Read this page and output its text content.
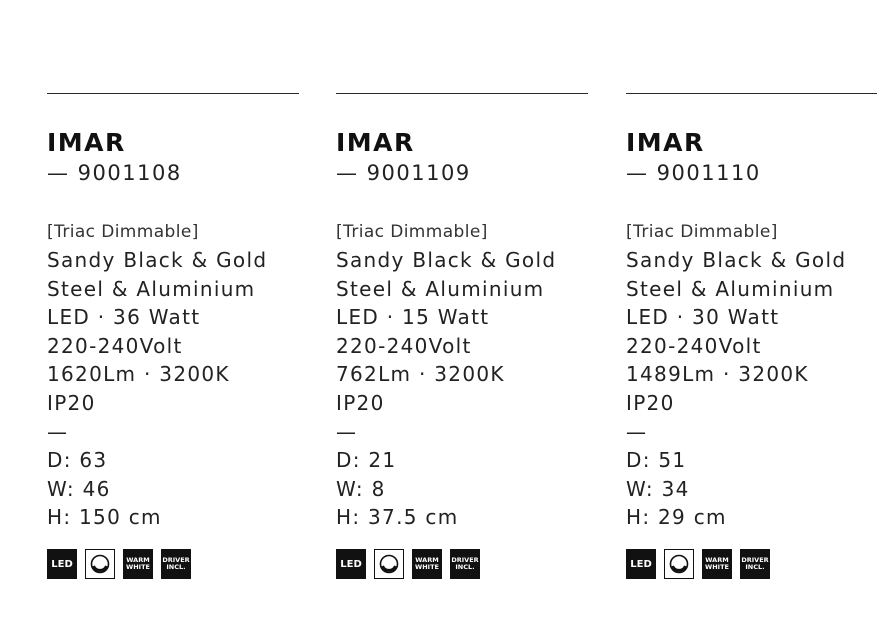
IMAR
— 9001108
[Triac Dimmable]
Sandy Black & Gold
Steel & Aluminium
LED · 36 Watt
220-240Volt
1620Lm · 3200K
IP20
—
D: 63
W: 46
H: 150 cm
LED	WARM
WHITE
DRIVER
INCL.
IMAR
— 9001109
[Triac Dimmable]
Sandy Black & Gold
Steel & Aluminium
LED · 15 Watt
220-240Volt
762Lm · 3200K
IP20
—
D: 21
W: 8
H: 37.5 cm
LED	WARM
WHITE
DRIVER
INCL.
IMAR
— 9001110
[Triac Dimmable]
Sandy Black & Gold
Steel & Aluminium
LED · 30 Watt
220-240Volt
1489Lm · 3200K
IP20
—
D: 51
W: 34
H: 29 cm
LED	WARM
WHITE
DRIVER
INCL.
